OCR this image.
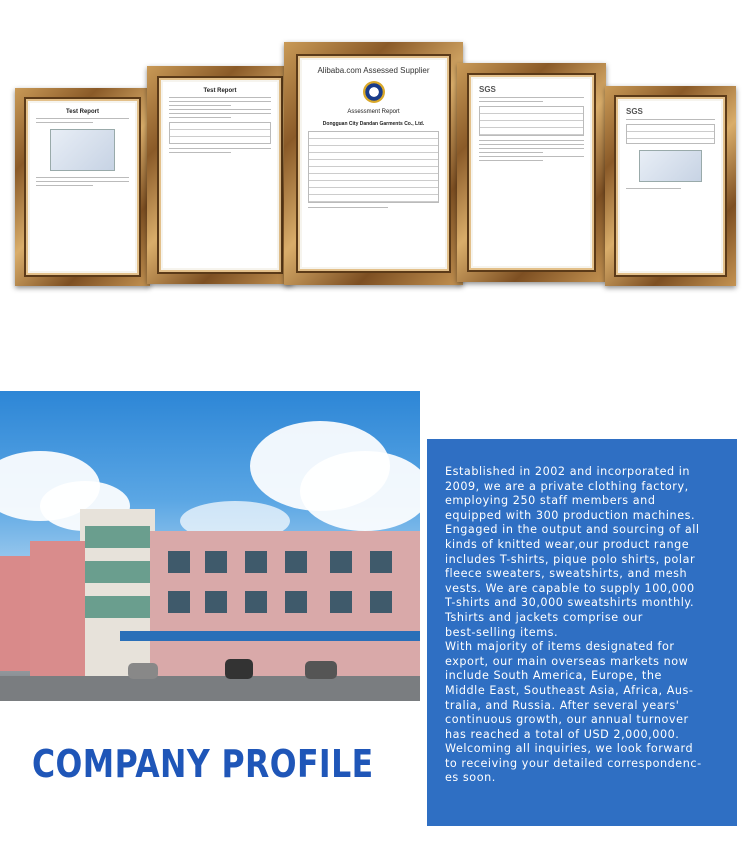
Test Report
Test Report
Alibaba.com Assessed Supplier
Assessment Report
Dongguan City Dandan Garments Co., Ltd.
SGS
SGS

Established in 2002 and incorporated in
2009, we are a private clothing factory,
employing 250 staff members and
equipped with 300 production machines.
Engaged in the output and sourcing of all
kinds of knitted wear,our product range
includes T-shirts, pique polo shirts, polar
fleece sweaters, sweatshirts, and mesh
vests. We are capable to supply 100,000
T-shirts and 30,000 sweatshirts monthly.
Tshirts and jackets comprise our
best-selling items.
With majority of items designated for
export, our main overseas markets now
include South America, Europe, the
Middle East, Southeast Asia, Africa, Aus-
tralia, and Russia. After several years'
continuous growth, our annual turnover
has reached a total of USD 2,000,000.
Welcoming all inquiries, we look forward
to receiving your detailed correspondenc-
es soon.

COMPANY PROFILE
